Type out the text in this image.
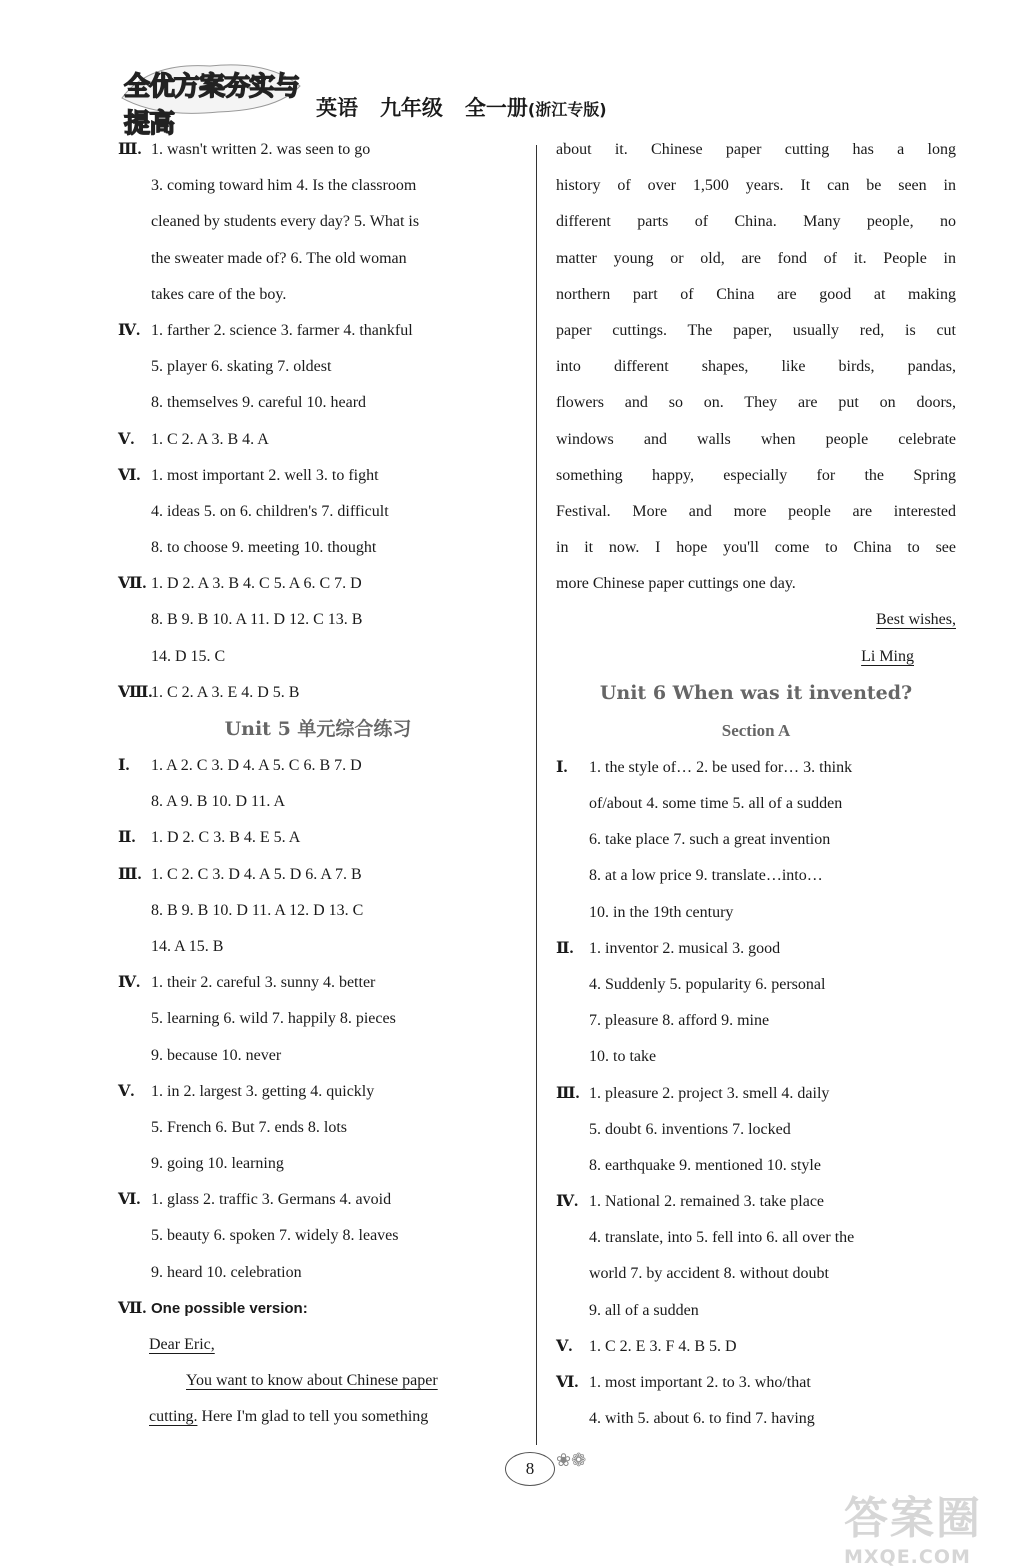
全优方案夯实与提高
英语 九年级 全一册(浙江专版)
Ⅲ. 1. wasn't written 2. was seen to go
3. coming toward him 4. Is the classroom
cleaned by students every day? 5. What is
the sweater made of? 6. The old woman
takes care of the boy.
Ⅳ. 1. farther 2. science 3. farmer 4. thankful
5. player 6. skating 7. oldest
8. themselves 9. careful 10. heard
Ⅴ. 1. C 2. A 3. B 4. A
Ⅵ. 1. most important 2. well 3. to fight
4. ideas 5. on 6. children's 7. difficult
8. to choose 9. meeting 10. thought
Ⅶ. 1. D 2. A 3. B 4. C 5. A 6. C 7. D
8. B 9. B 10. A 11. D 12. C 13. B
14. D 15. C
Ⅷ.1. C 2. A 3. E 4. D 5. B
Unit 5 单元综合练习
Ⅰ. 1. A 2. C 3. D 4. A 5. C 6. B 7. D
8. A 9. B 10. D 11. A
Ⅱ. 1. D 2. C 3. B 4. E 5. A
Ⅲ. 1. C 2. C 3. D 4. A 5. D 6. A 7. B
8. B 9. B 10. D 11. A 12. D 13. C
14. A 15. B
Ⅳ. 1. their 2. careful 3. sunny 4. better
5. learning 6. wild 7. happily 8. pieces
9. because 10. never
Ⅴ. 1. in 2. largest 3. getting 4. quickly
5. French 6. But 7. ends 8. lots
9. going 10. learning
Ⅵ. 1. glass 2. traffic 3. Germans 4. avoid
5. beauty 6. spoken 7. widely 8. leaves
9. heard 10. celebration
Ⅶ. One possible version:
Dear Eric,
You want to know about Chinese paper
cutting. Here I'm glad to tell you something
about it. Chinese paper cutting has a long
history of over 1,500 years. It can be seen in
different parts of China. Many people, no
matter young or old, are fond of it. People in
northern part of China are good at making
paper cuttings. The paper, usually red, is cut
into different shapes, like birds, pandas,
flowers and so on. They are put on doors,
windows and walls when people celebrate
something happy, especially for the Spring
Festival. More and more people are interested
in it now. I hope you'll come to China to see
more Chinese paper cuttings one day.
Best wishes,
Li Ming
Unit 6 When was it invented?
Section A
Ⅰ. 1. the style of… 2. be used for… 3. think
of/about 4. some time 5. all of a sudden
6. take place 7. such a great invention
8. at a low price 9. translate…into…
10. in the 19th century
Ⅱ. 1. inventor 2. musical 3. good
4. Suddenly 5. popularity 6. personal
7. pleasure 8. afford 9. mine
10. to take
Ⅲ. 1. pleasure 2. project 3. smell 4. daily
5. doubt 6. inventions 7. locked
8. earthquake 9. mentioned 10. style
Ⅳ. 1. National 2. remained 3. take place
4. translate, into 5. fell into 6. all over the
world 7. by accident 8. without doubt
9. all of a sudden
Ⅴ. 1. C 2. E 3. F 4. B 5. D
Ⅵ. 1. most important 2. to 3. who/that
4. with 5. about 6. to find 7. having
8	❀❁
答案圈
MXQE.COM
